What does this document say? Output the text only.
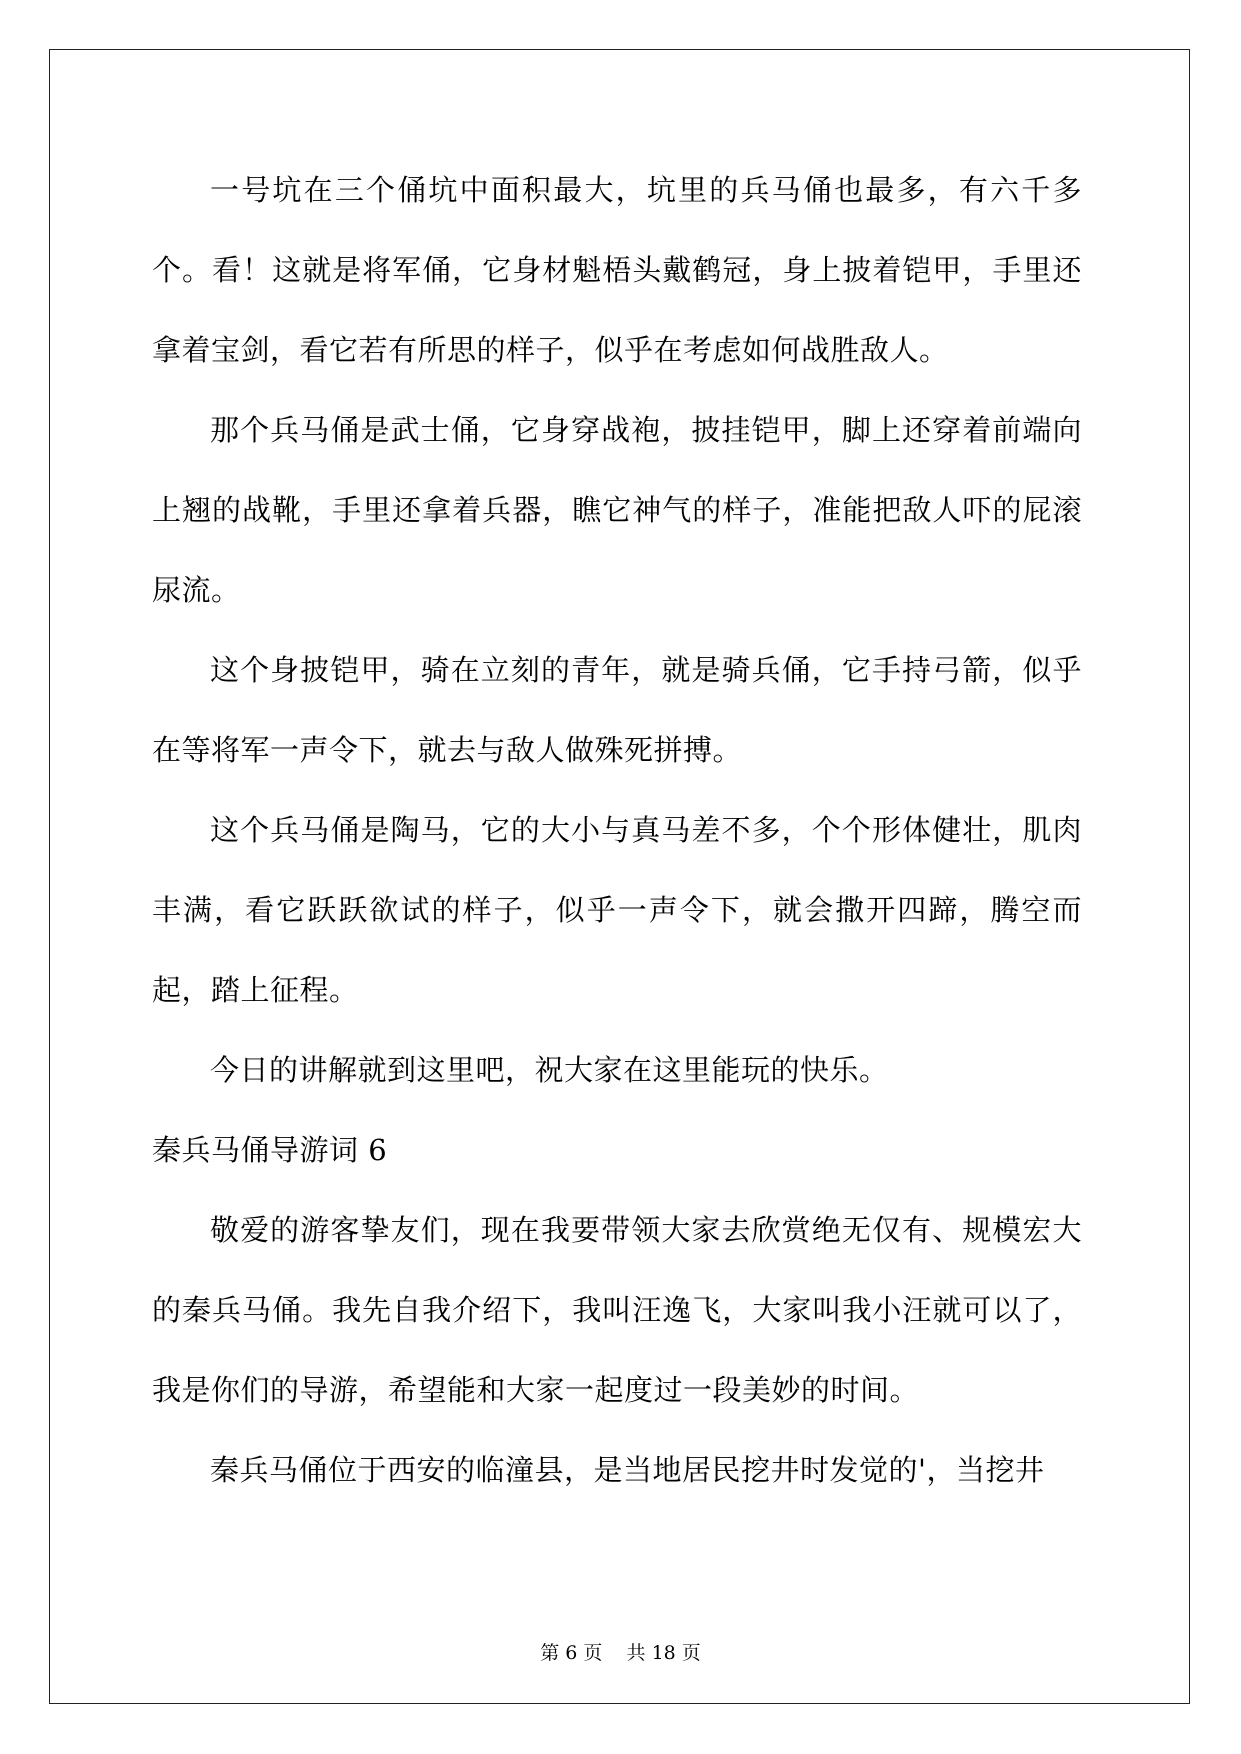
一号坑在三个俑坑中面积最大，坑里的兵马俑也最多，有六千多个。看！这就是将军俑，它身材魁梧头戴鹤冠，身上披着铠甲，手里还拿着宝剑，看它若有所思的样子，似乎在考虑如何战胜敌人。

那个兵马俑是武士俑，它身穿战袍，披挂铠甲，脚上还穿着前端向上翘的战靴，手里还拿着兵器，瞧它神气的样子，准能把敌人吓的屁滚尿流。

这个身披铠甲，骑在立刻的青年，就是骑兵俑，它手持弓箭，似乎在等将军一声令下，就去与敌人做殊死拼搏。

这个兵马俑是陶马，它的大小与真马差不多，个个形体健壮，肌肉丰满，看它跃跃欲试的样子，似乎一声令下，就会撒开四蹄，腾空而起，踏上征程。

今日的讲解就到这里吧，祝大家在这里能玩的快乐。

秦兵马俑导游词 6

敬爱的游客挚友们，现在我要带领大家去欣赏绝无仅有、规模宏大的秦兵马俑。我先自我介绍下，我叫汪逸飞，大家叫我小汪就可以了，我是你们的导游，希望能和大家一起度过一段美妙的时间。

秦兵马俑位于西安的临潼县，是当地居民挖井时发觉的'，当挖井

第 6 页 共 18 页
